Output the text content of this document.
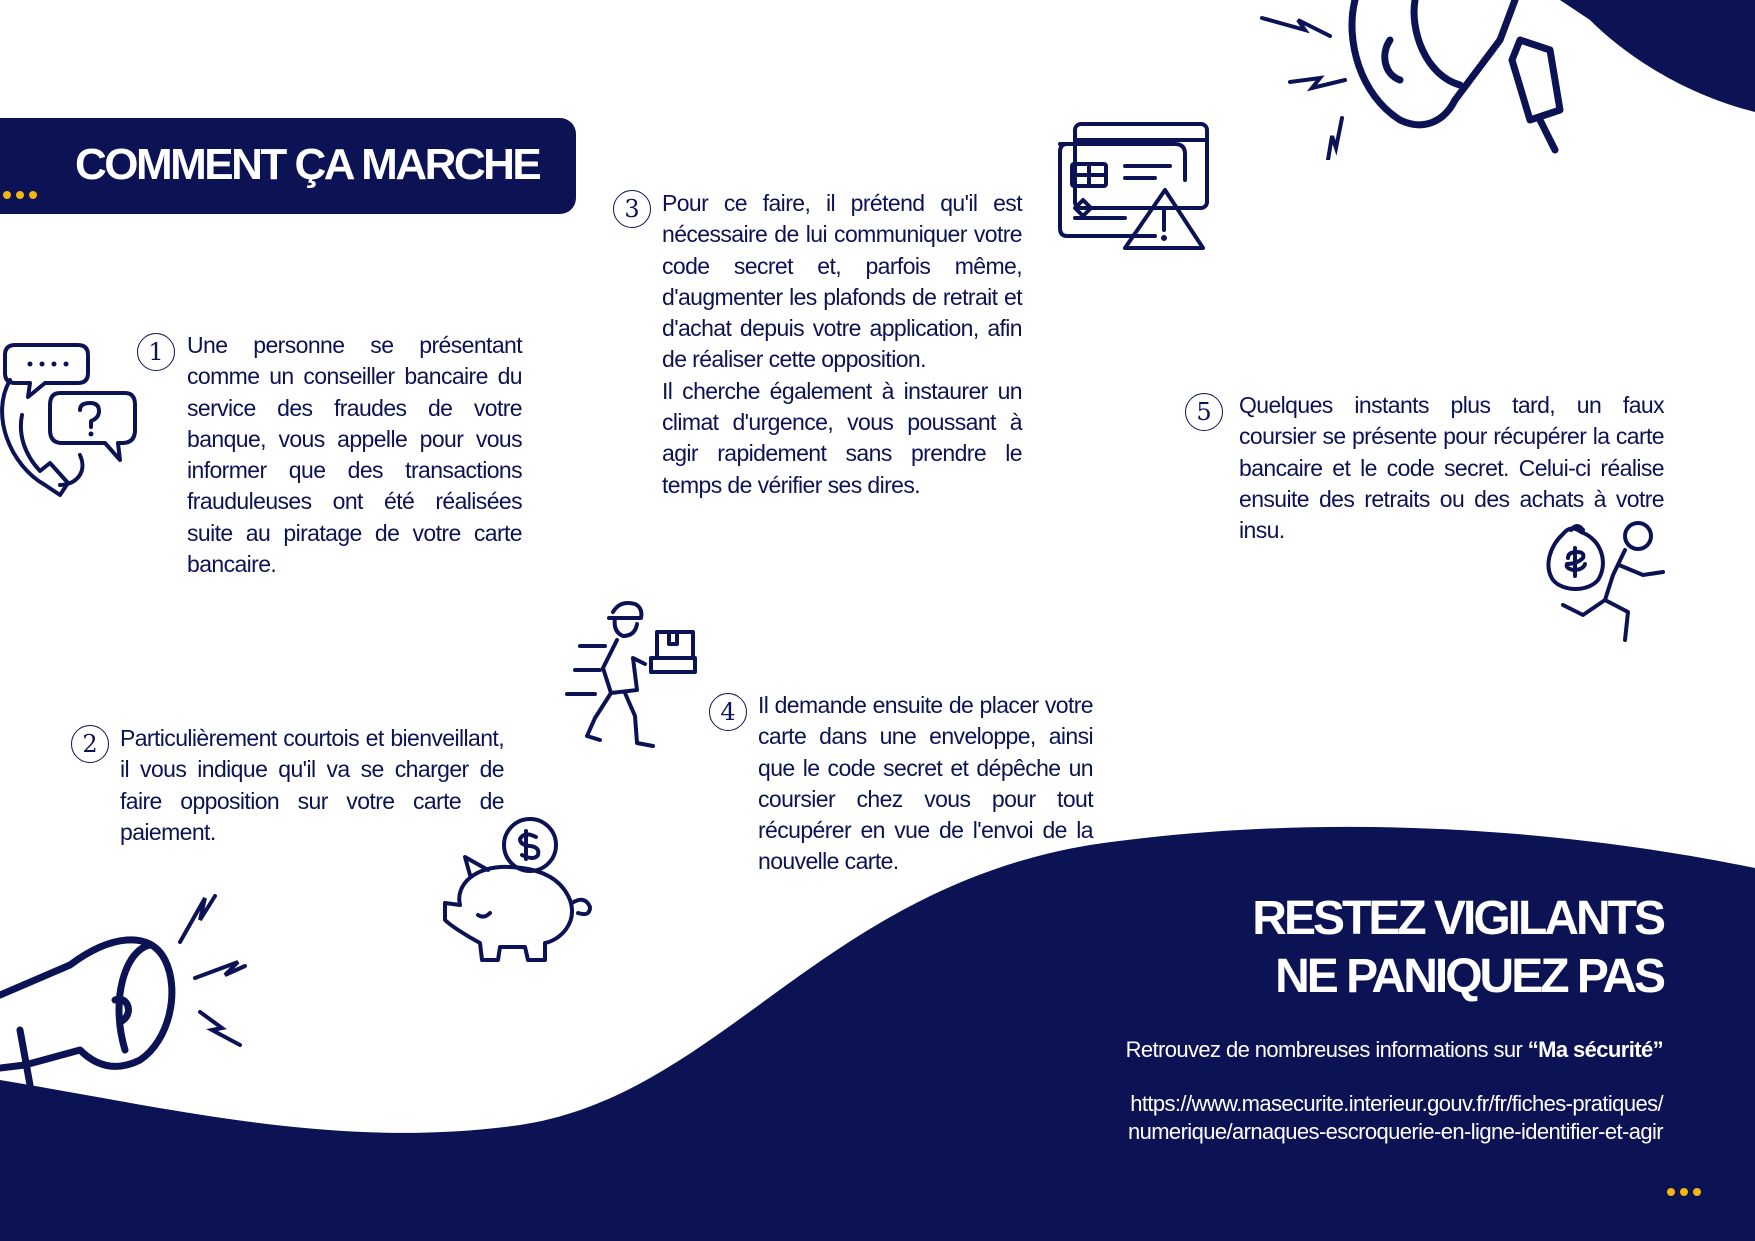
COMMENT ÇA MARCHE
1	Une personne se présentant comme un conseiller bancaire du service des fraudes de votre banque, vous appelle pour vous informer que des transactions frauduleuses ont été réalisées suite au piratage de votre carte bancaire.

2 Particulièrement courtois et bienveillant, il vous indique qu'il va se charger de faire opposition sur votre carte de paiement.

3 Pour ce faire, il prétend qu'il est nécessaire de lui communiquer votre code secret et, parfois même, d'augmenter les plafonds de retrait et d'achat depuis votre application, afin de réaliser cette opposition.

Il cherche également à instaurer un climat d'urgence, vous poussant à agir rapidement sans prendre le temps de vérifier ses dires.

4 Il demande ensuite de placer votre carte dans une enveloppe, ainsi que le code secret et dépêche un coursier chez vous pour tout récupérer en vue de l'envoi de la nouvelle carte.

5	Quelques instants plus tard, un faux coursier se présente pour récupérer la carte bancaire et le code secret. Celui-ci réalise ensuite des retraits ou des achats à votre insu.

RESTEZ VIGILANTS
NE PANIQUEZ PAS

Retrouvez de nombreuses informations sur “Ma sécurité”

https://www.masecurite.interieur.gouv.fr/fr/fiches-pratiques/
numerique/arnaques-escroquerie-en-ligne-identifier-et-agir
